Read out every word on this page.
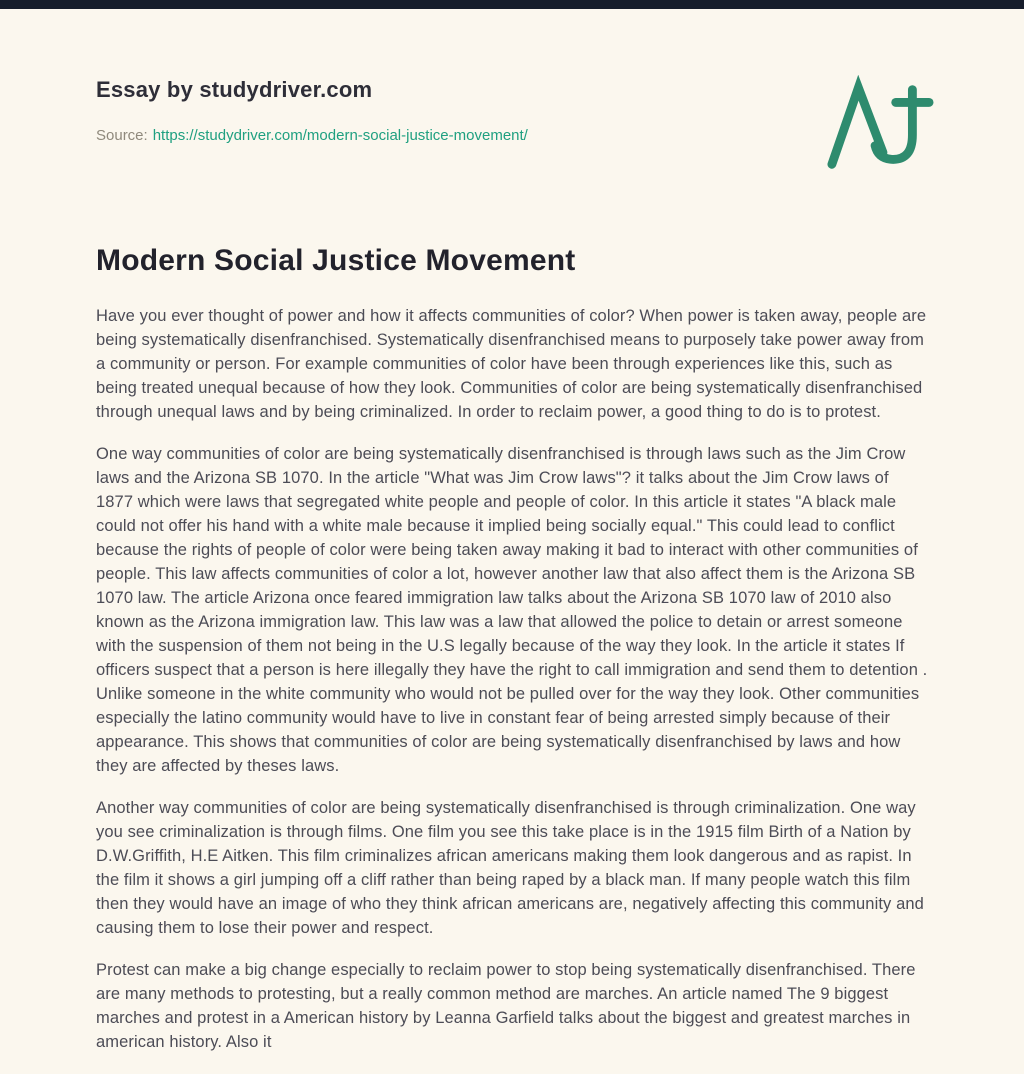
Essay by studydriver.com
Source: https://studydriver.com/modern-social-justice-movement/
Modern Social Justice Movement

Have you ever thought of power and how it affects communities of color? When power is taken away, people are being systematically disenfranchised. Systematically disenfranchised means to purposely take power away from a community or person. For example communities of color have been through experiences like this, such as being treated unequal because of how they look. Communities of color are being systematically disenfranchised through unequal laws and by being criminalized. In order to reclaim power, a good thing to do is to protest.

One way communities of color are being systematically disenfranchised is through laws such as the Jim Crow laws and the Arizona SB 1070. In the article "What was Jim Crow laws"? it talks about the Jim Crow laws of 1877 which were laws that segregated white people and people of color. In this article it states "A black male could not offer his hand with a white male because it implied being socially equal." This could lead to conflict because the rights of people of color were being taken away making it bad to interact with other communities of people. This law affects communities of color a lot, however another law that also affect them is the Arizona SB 1070 law. The article Arizona once feared immigration law talks about the Arizona SB 1070 law of 2010 also known as the Arizona immigration law. This law was a law that allowed the police to detain or arrest someone with the suspension of them not being in the U.S legally because of the way they look. In the article it states If officers suspect that a person is here illegally they have the right to call immigration and send them to detention . Unlike someone in the white community who would not be pulled over for the way they look. Other communities especially the latino community would have to live in constant fear of being arrested simply because of their appearance. This shows that communities of color are being systematically disenfranchised by laws and how they are affected by theses laws.

Another way communities of color are being systematically disenfranchised is through criminalization. One way you see criminalization is through films. One film you see this take place is in the 1915 film Birth of a Nation by D.W.Griffith, H.E Aitken. This film criminalizes african americans making them look dangerous and as rapist. In the film it shows a girl jumping off a cliff rather than being raped by a black man. If many people watch this film then they would have an image of who they think african americans are, negatively affecting this community and causing them to lose their power and respect.

Protest can make a big change especially to reclaim power to stop being systematically disenfranchised. There are many methods to protesting, but a really common method are marches. An article named The 9 biggest marches and protest in a American history by Leanna Garfield talks about the biggest and greatest marches in american history. Also it
